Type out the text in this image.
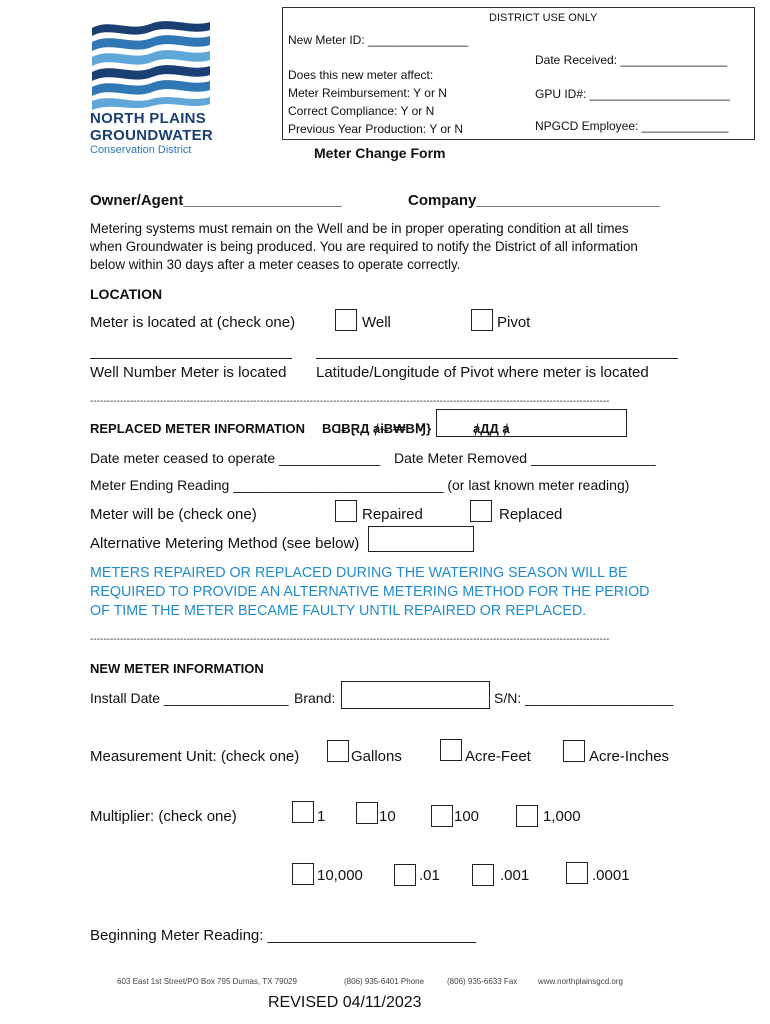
NORTH PLAINS
GROUNDWATER
Conservation District
DISTRICT USE ONLY
New Meter ID: _______________
Date Received: ________________
Does this new meter affect:
Meter Reimbursement: Y or N	GPU ID#: _____________________
Correct Compliance: Y or N
Previous Year Production: Y or N	NPGCD Employee: _____________
Meter Change Form
Owner/Agent___________________	Company______________________
Metering systems must remain on the Well and be in proper operating condition at all times
when Groundwater is being produced. You are required to notify the District of all information
below within 30 days after a meter ceases to operate correctly.
LOCATION
Meter is located at (check one)	Well	Pivot
Well Number Meter is located Latitude/Longitude of Pivot where meter is located
------------------------------------------------------------------------------------------------------------------------------------------------------------
REPLACED METER INFORMATION BⱭɃⱤД ⱥɨɃ₩BⱮ}	ⱥДД ⱥ
Date meter ceased to operate _____________ Date Meter Removed ________________
Meter Ending Reading ___________________________ (or last known meter reading)
Meter will be (check one)	Repaired	Replaced
Alternative Metering Method (see below)
METERS REPAIRED OR REPLACED DURING THE WATERING SEASON WILL BE
REQUIRED TO PROVIDE AN ALTERNATIVE METERING METHOD FOR THE PERIOD
OF TIME THE METER BECAME FAULTY UNTIL REPAIRED OR REPLACED.
------------------------------------------------------------------------------------------------------------------------------------------------------------
NEW METER INFORMATION
Install Date ________________ Brand:	S/N: ___________________
Measurement Unit: (check one)	Gallons	Acre-Feet	Acre-Inches
Multiplier: (check one)	1	10	100	1,000
10,000	.01	.001	.0001
Beginning Meter Reading: _________________________
603 East 1st Street/PO Box 795 Dumas, TX 79029	(806) 935-6401 Phone	(806) 935-6633 Fax	www.northplainsgcd.org
REVISED 04/11/2023
